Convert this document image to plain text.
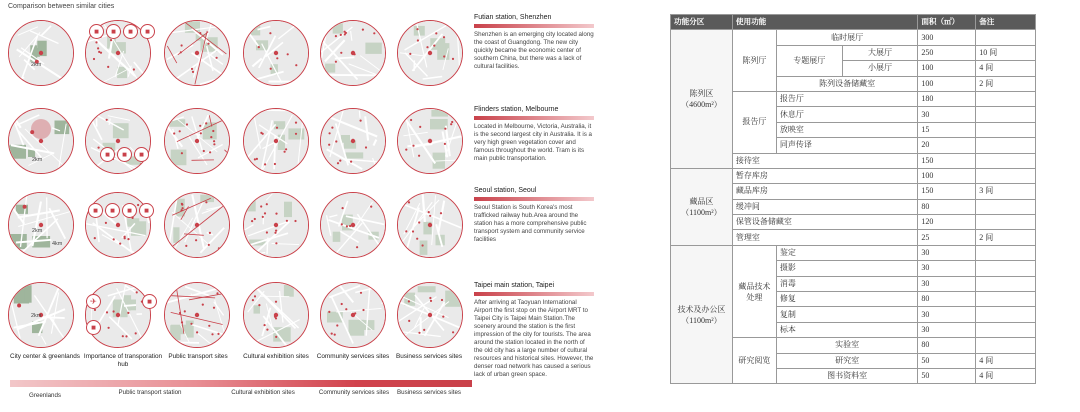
Comparison between similar cities
2km
2km
2km
4km
2km
■	■	■	■
■	■	■
■	■	■	■
✈
■
■
Futian station, Shenzhen
Shenzhen is an emerging city located along the coast of Guangdong. The new city quickly became the economic center of southern China, but there was a lack of cultural facilities.
Flinders station, Melbourne
Located in Melbourne, Victoria, Australia, it is the second largest city in Australia. It is a very high green vegetation cover and famous throughout the world. Tram is its main public transportation.
Seoul station, Seoul
Seoul Station is South Korea's most trafficked railway hub.Area around the station has a more comprehensive public transport system and community service facilities
Taipei main station, Taipei
After arriving at Taoyuan International Airport the first stop on the Airport MRT to Taipei City is Taipei Main Station.The scenery around the station is the first impression of the city for tourists. The area around the station located in the north of the old city has a large number of cultural resources and historical sites. However, the denser road network has caused a serious lack of urban green space.
City center & greenlands Importance of transporation hub
Public transport sites	Cultural exhibition sites	Community services sites	Business services sites
Greenlands	Public transport station	Cultural exhibition sites	Community services sites	Business services sites
功能分区	使用功能			面积（㎡）	备注
陈列区
（4600m²）	陈列厅	临时展厅		300	
		专题展厅	大展厅	250	10 间
			小展厅	100	4 间
		陈列设备储藏室		100	2 间
	报告厅	报告厅		180	
		休息厅		30	
		放映室		15	
		同声传译		20	
	接待室			150	
藏品区
（1100m²）	暂存库房			100	
	藏品库房			150	3 间
	缓冲间			80	
	保管设备储藏室			120	
	管理室			25	2 间
技术及办公区
（1100m²）	藏品技术处理	鉴定		30	
		摄影		30	
		消毒		30	
		修复		80	
		复制		30	
		标本		30	
	研究阅览	实验室		80	
		研究室		50	4 间
		图书资料室		50	4 间
